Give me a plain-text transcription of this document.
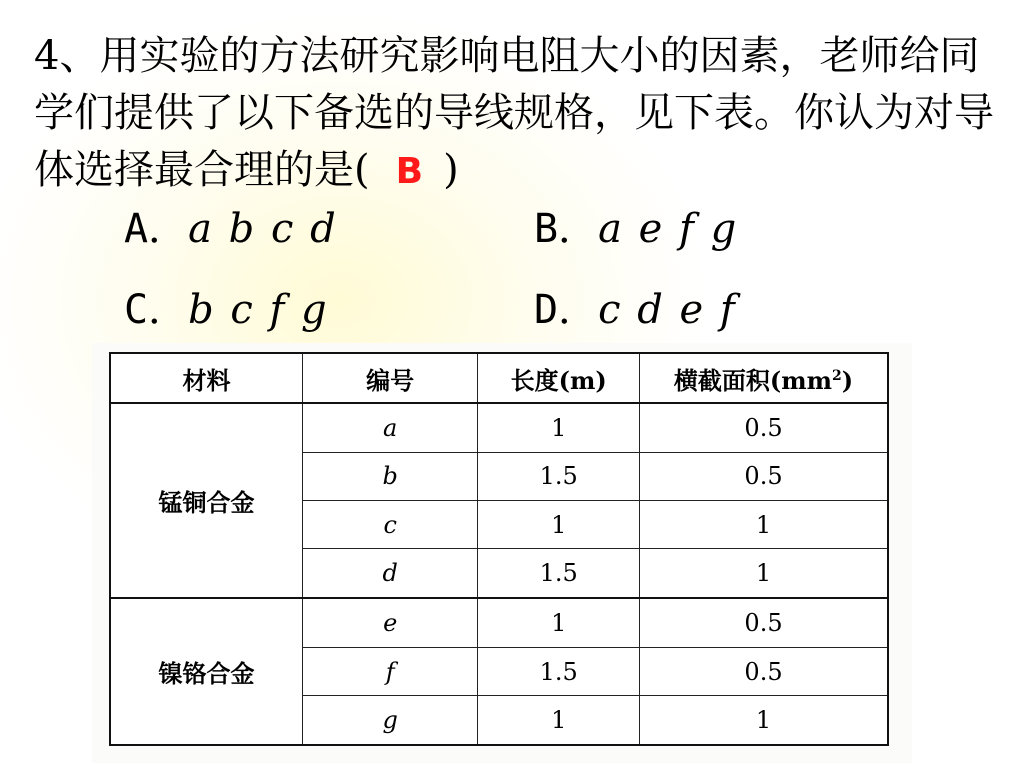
4、用实验的方法研究影响电阻大小的因素，老师给同学们提供了以下备选的导线规格，见下表。你认为对导体选择最合理的是( B )

A．a b c d	B．a e f g
C．b c f g	D．c d e f
材料	编号	长度(m)	横截面积$(mm^2)$
锰铜合金	a	1	0.5
	b	1.5	0.5
	c	1	1
	d	1.5	1
镍铬合金	e	1	0.5
	f	1.5	0.5
	g	1	1
